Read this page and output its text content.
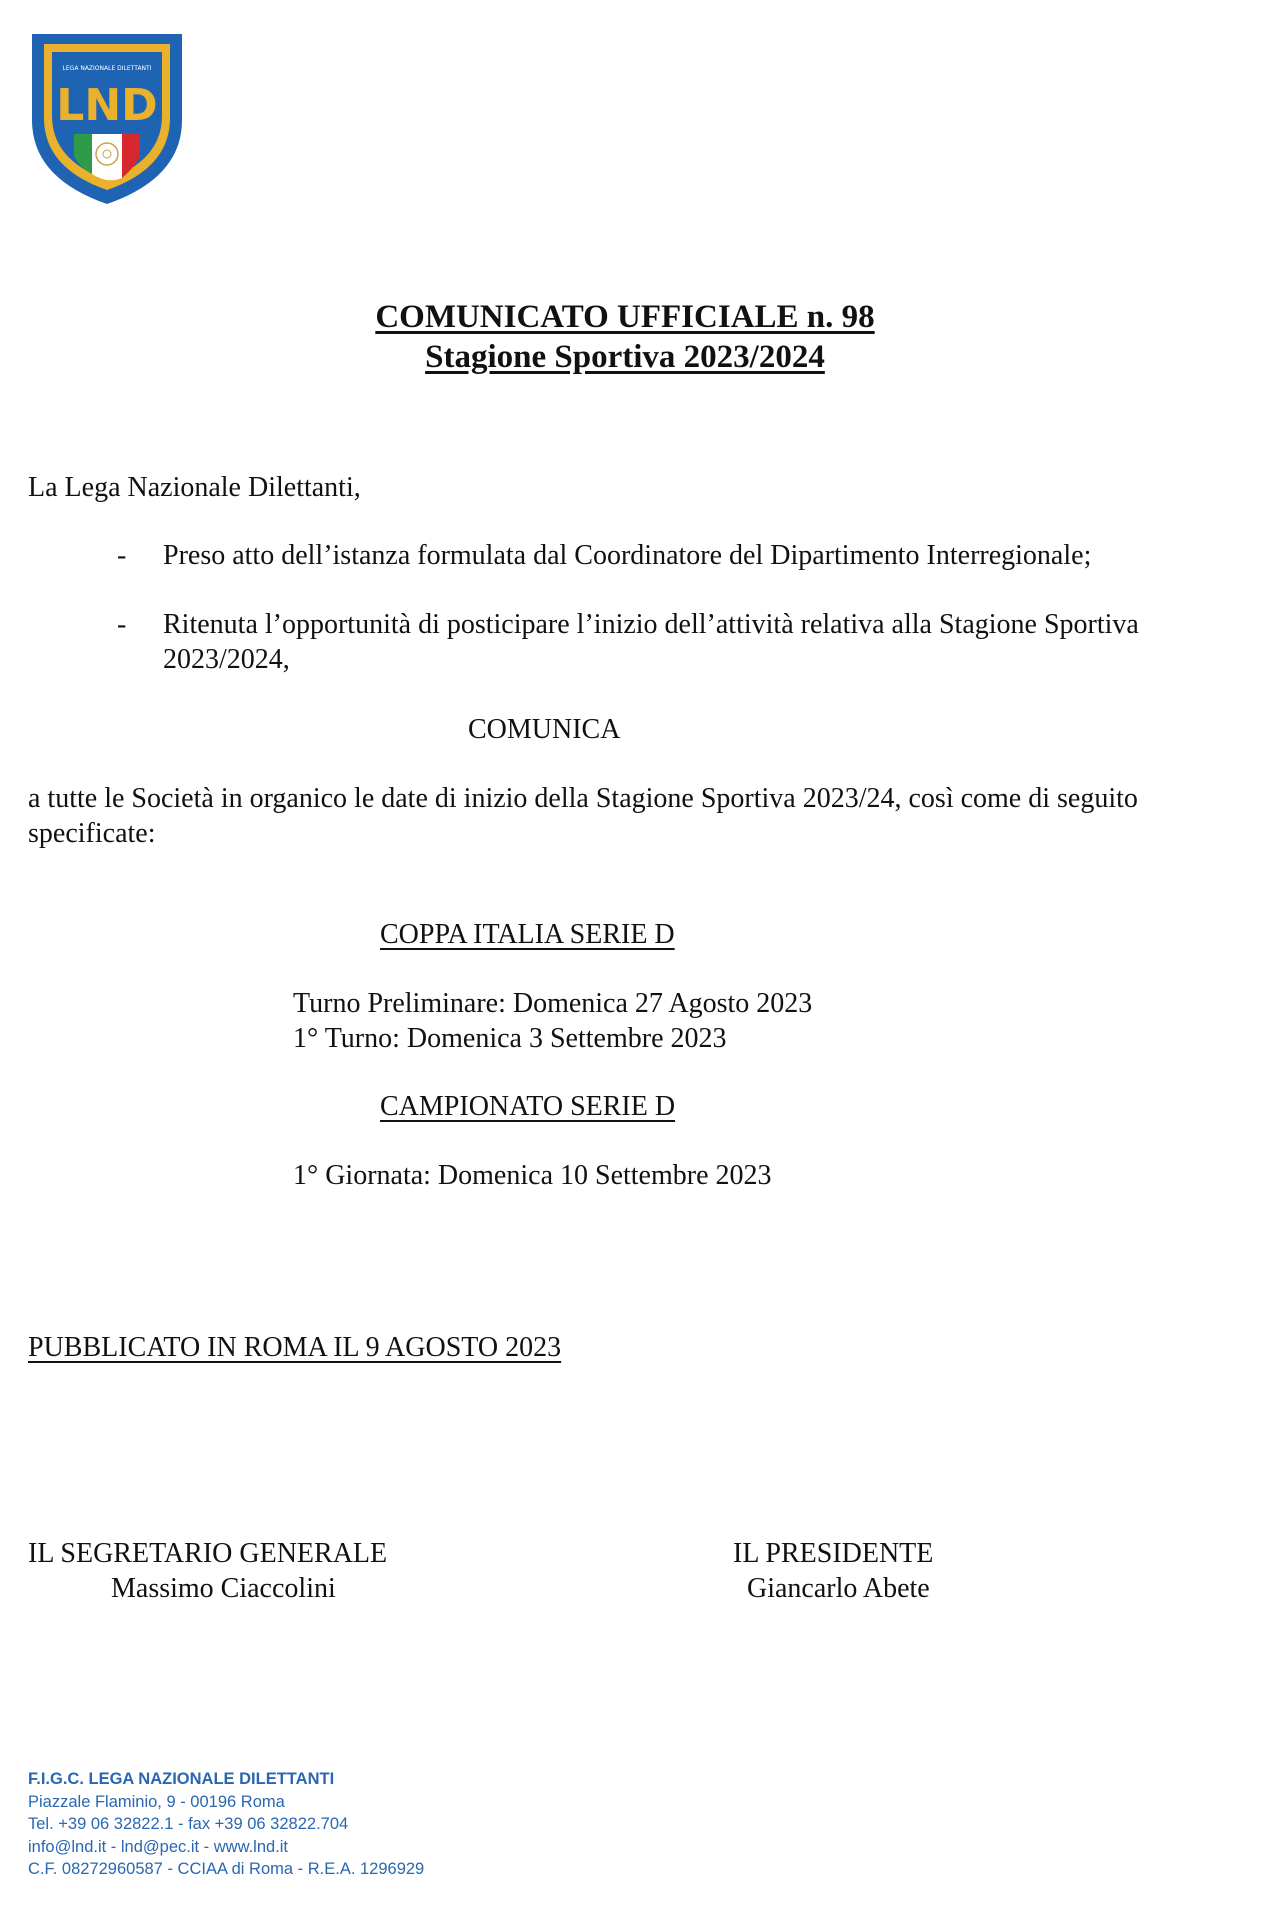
LEGA NAZIONALE DILETTANTI
LND
COMUNICATO UFFICIALE n. 98
Stagione Sportiva 2023/2024
La Lega Nazionale Dilettanti,
- Preso atto dell’istanza formulata dal Coordinatore del Dipartimento Interregionale;
- Ritenuta l’opportunità di posticipare l’inizio dell’attività relativa alla Stagione Sportiva
2023/2024,
COMUNICA
a tutte le Società in organico le date di inizio della Stagione Sportiva 2023/24, così come di seguito
specificate:
COPPA ITALIA SERIE D
Turno Preliminare: Domenica 27 Agosto 2023
1° Turno: Domenica 3 Settembre 2023
CAMPIONATO SERIE D
1° Giornata: Domenica 10 Settembre 2023
PUBBLICATO IN ROMA IL 9 AGOSTO 2023
IL SEGRETARIO GENERALE
Massimo Ciaccolini
IL PRESIDENTE
Giancarlo Abete
F.I.G.C. LEGA NAZIONALE DILETTANTI
Piazzale Flaminio, 9 - 00196 Roma
Tel. +39 06 32822.1 - fax +39 06 32822.704
info@lnd.it - lnd@pec.it - www.lnd.it
C.F. 08272960587 - CCIAA di Roma - R.E.A. 1296929
